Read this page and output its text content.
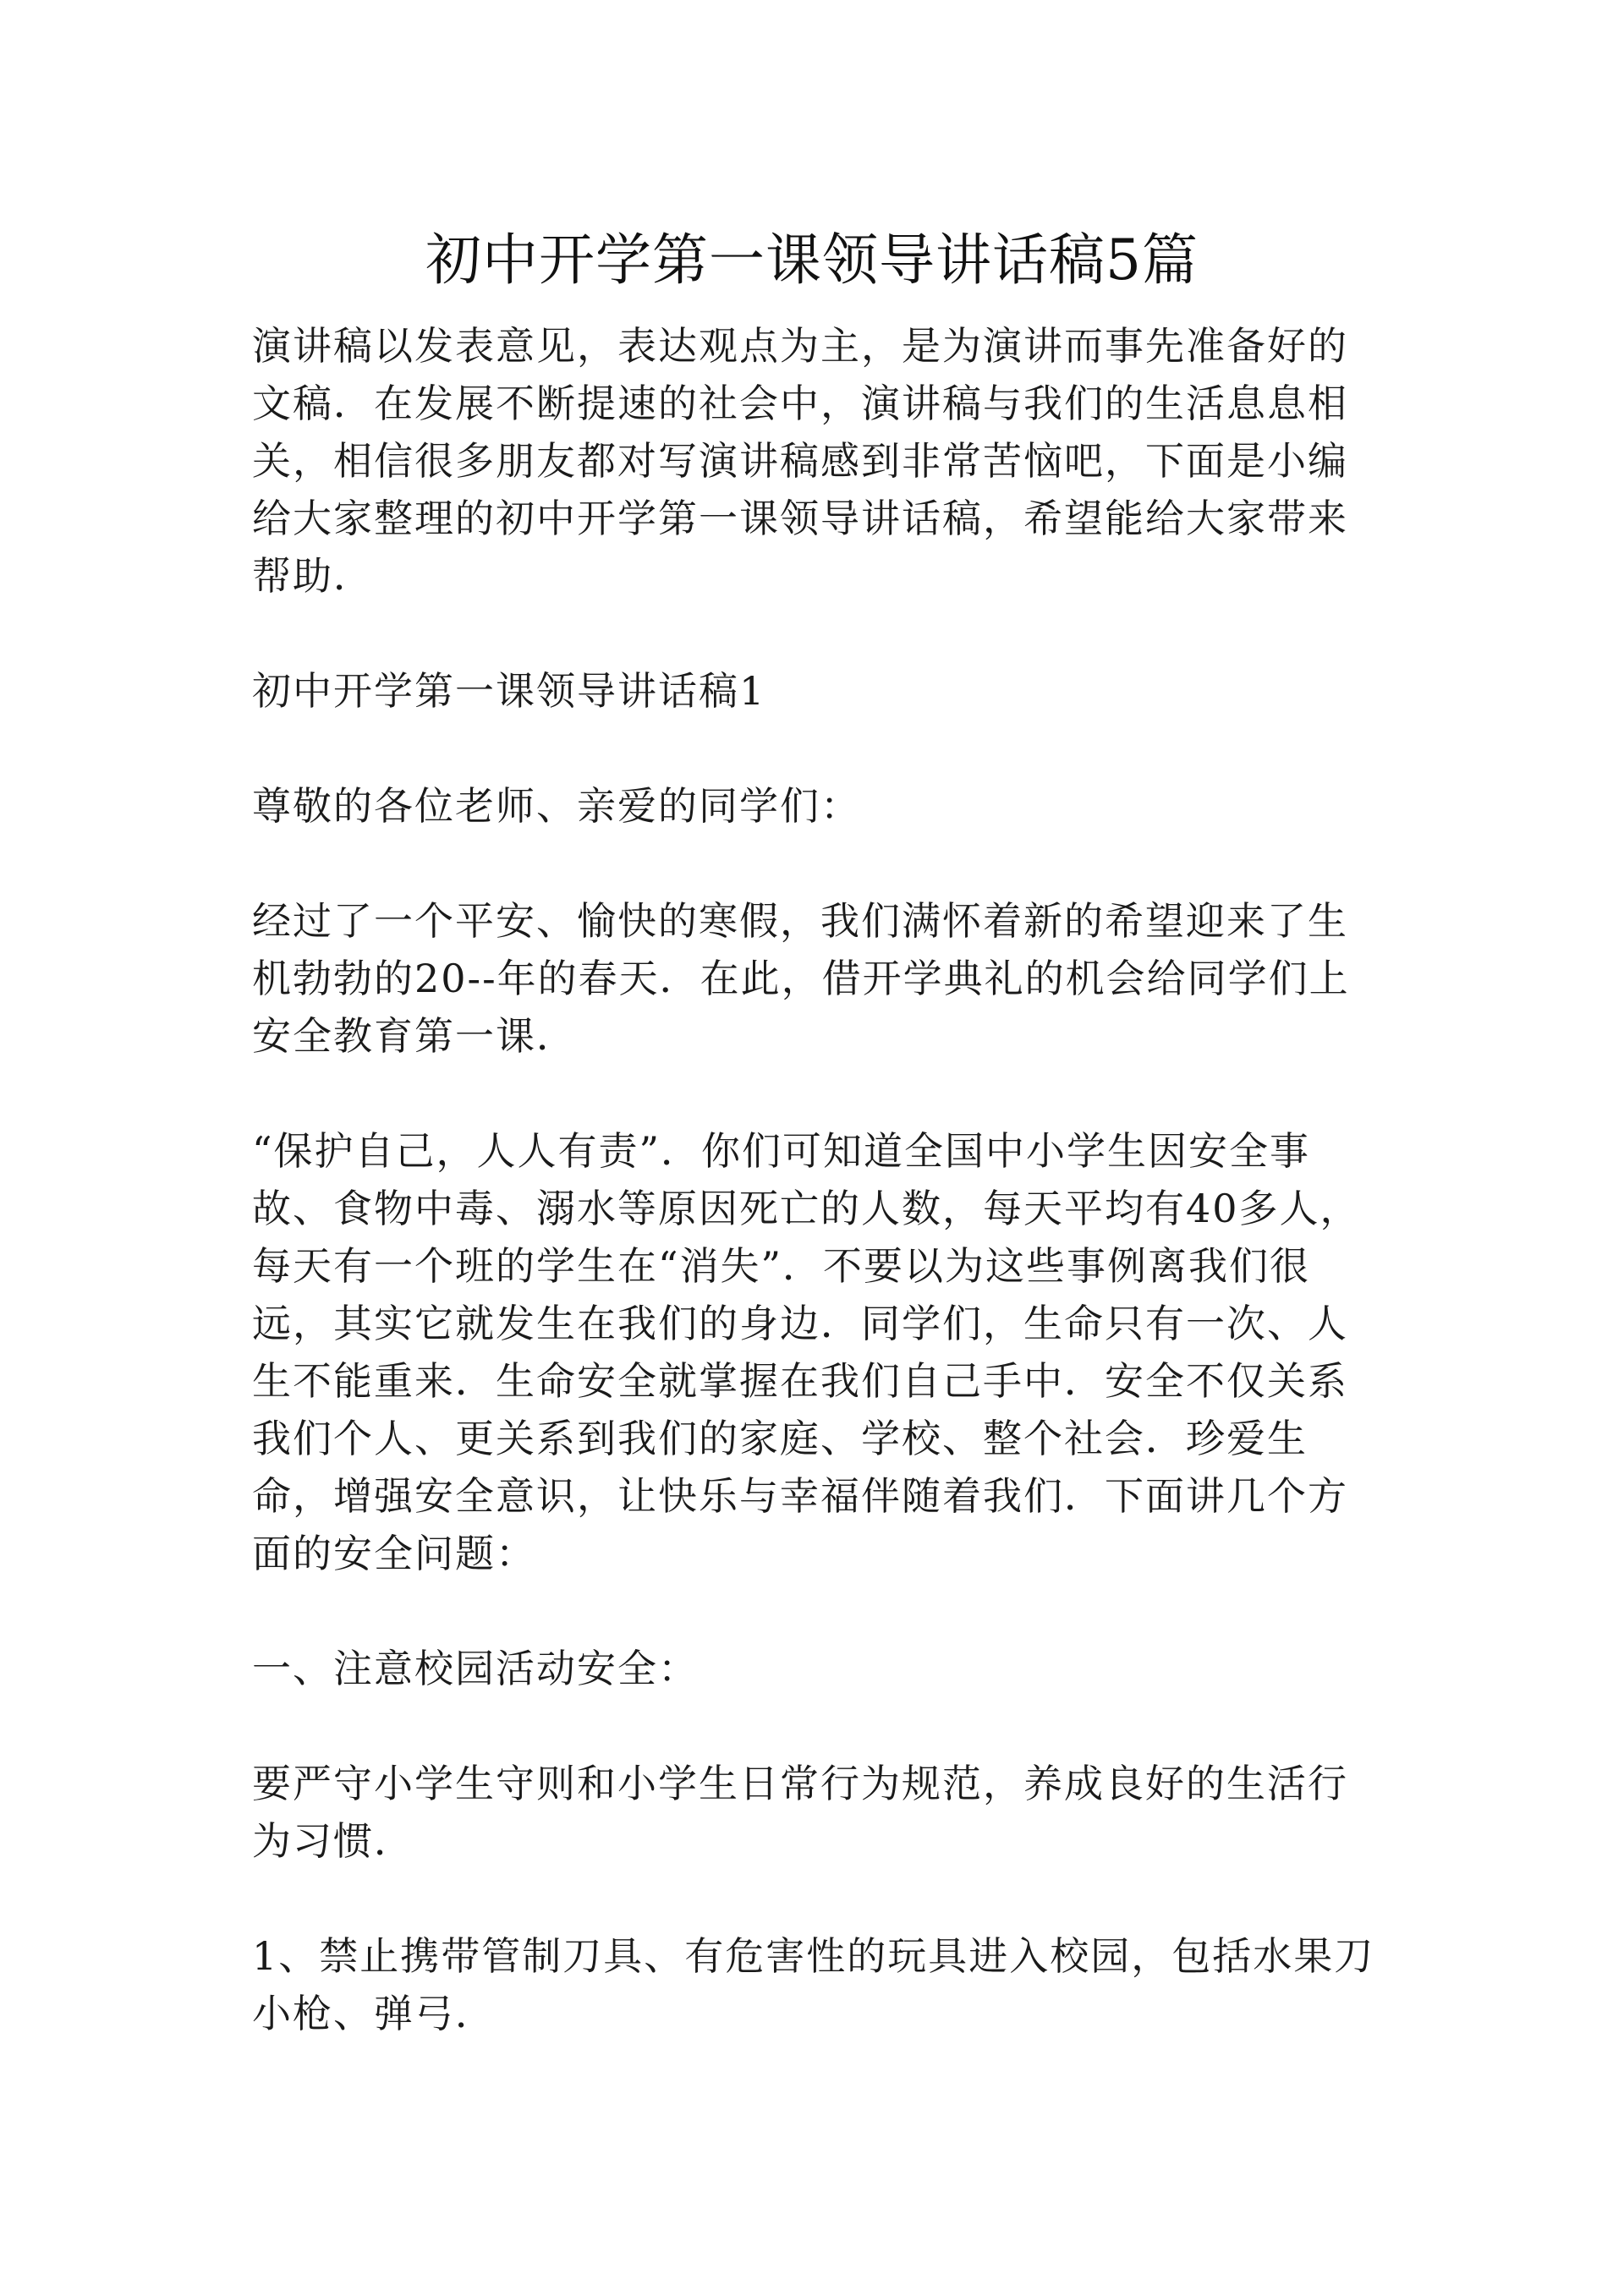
初中开学第一课领导讲话稿5篇

演讲稿以发表意见，表达观点为主，是为演讲而事先准备好的文稿．在发展不断提速的社会中，演讲稿与我们的生活息息相关，相信很多朋友都对写演讲稿感到非常苦恼吧，下面是小编给大家整理的初中开学第一课领导讲话稿，希望能给大家带来帮助．

初中开学第一课领导讲话稿1

尊敬的各位老师、亲爱的同学们：

经过了一个平安、愉快的寒假，我们满怀着新的希望迎来了生机勃勃的20--年的春天．在此，借开学典礼的机会给同学们上安全教育第一课．

“保护自己，人人有责”．你们可知道全国中小学生因安全事故、食物中毒、溺水等原因死亡的人数，每天平均有40多人，每天有一个班的学生在“消失”．不要以为这些事例离我们很远，其实它就发生在我们的身边．同学们，生命只有一次、人生不能重来．生命安全就掌握在我们自己手中．安全不仅关系我们个人、更关系到我们的家庭、学校、整个社会．珍爱生命，增强安全意识，让快乐与幸福伴随着我们．下面讲几个方面的安全问题：

一、注意校园活动安全：

要严守小学生守则和小学生日常行为规范，养成良好的生活行为习惯．

1、禁止携带管制刀具、有危害性的玩具进入校园，包括水果刀小枪、弹弓．
